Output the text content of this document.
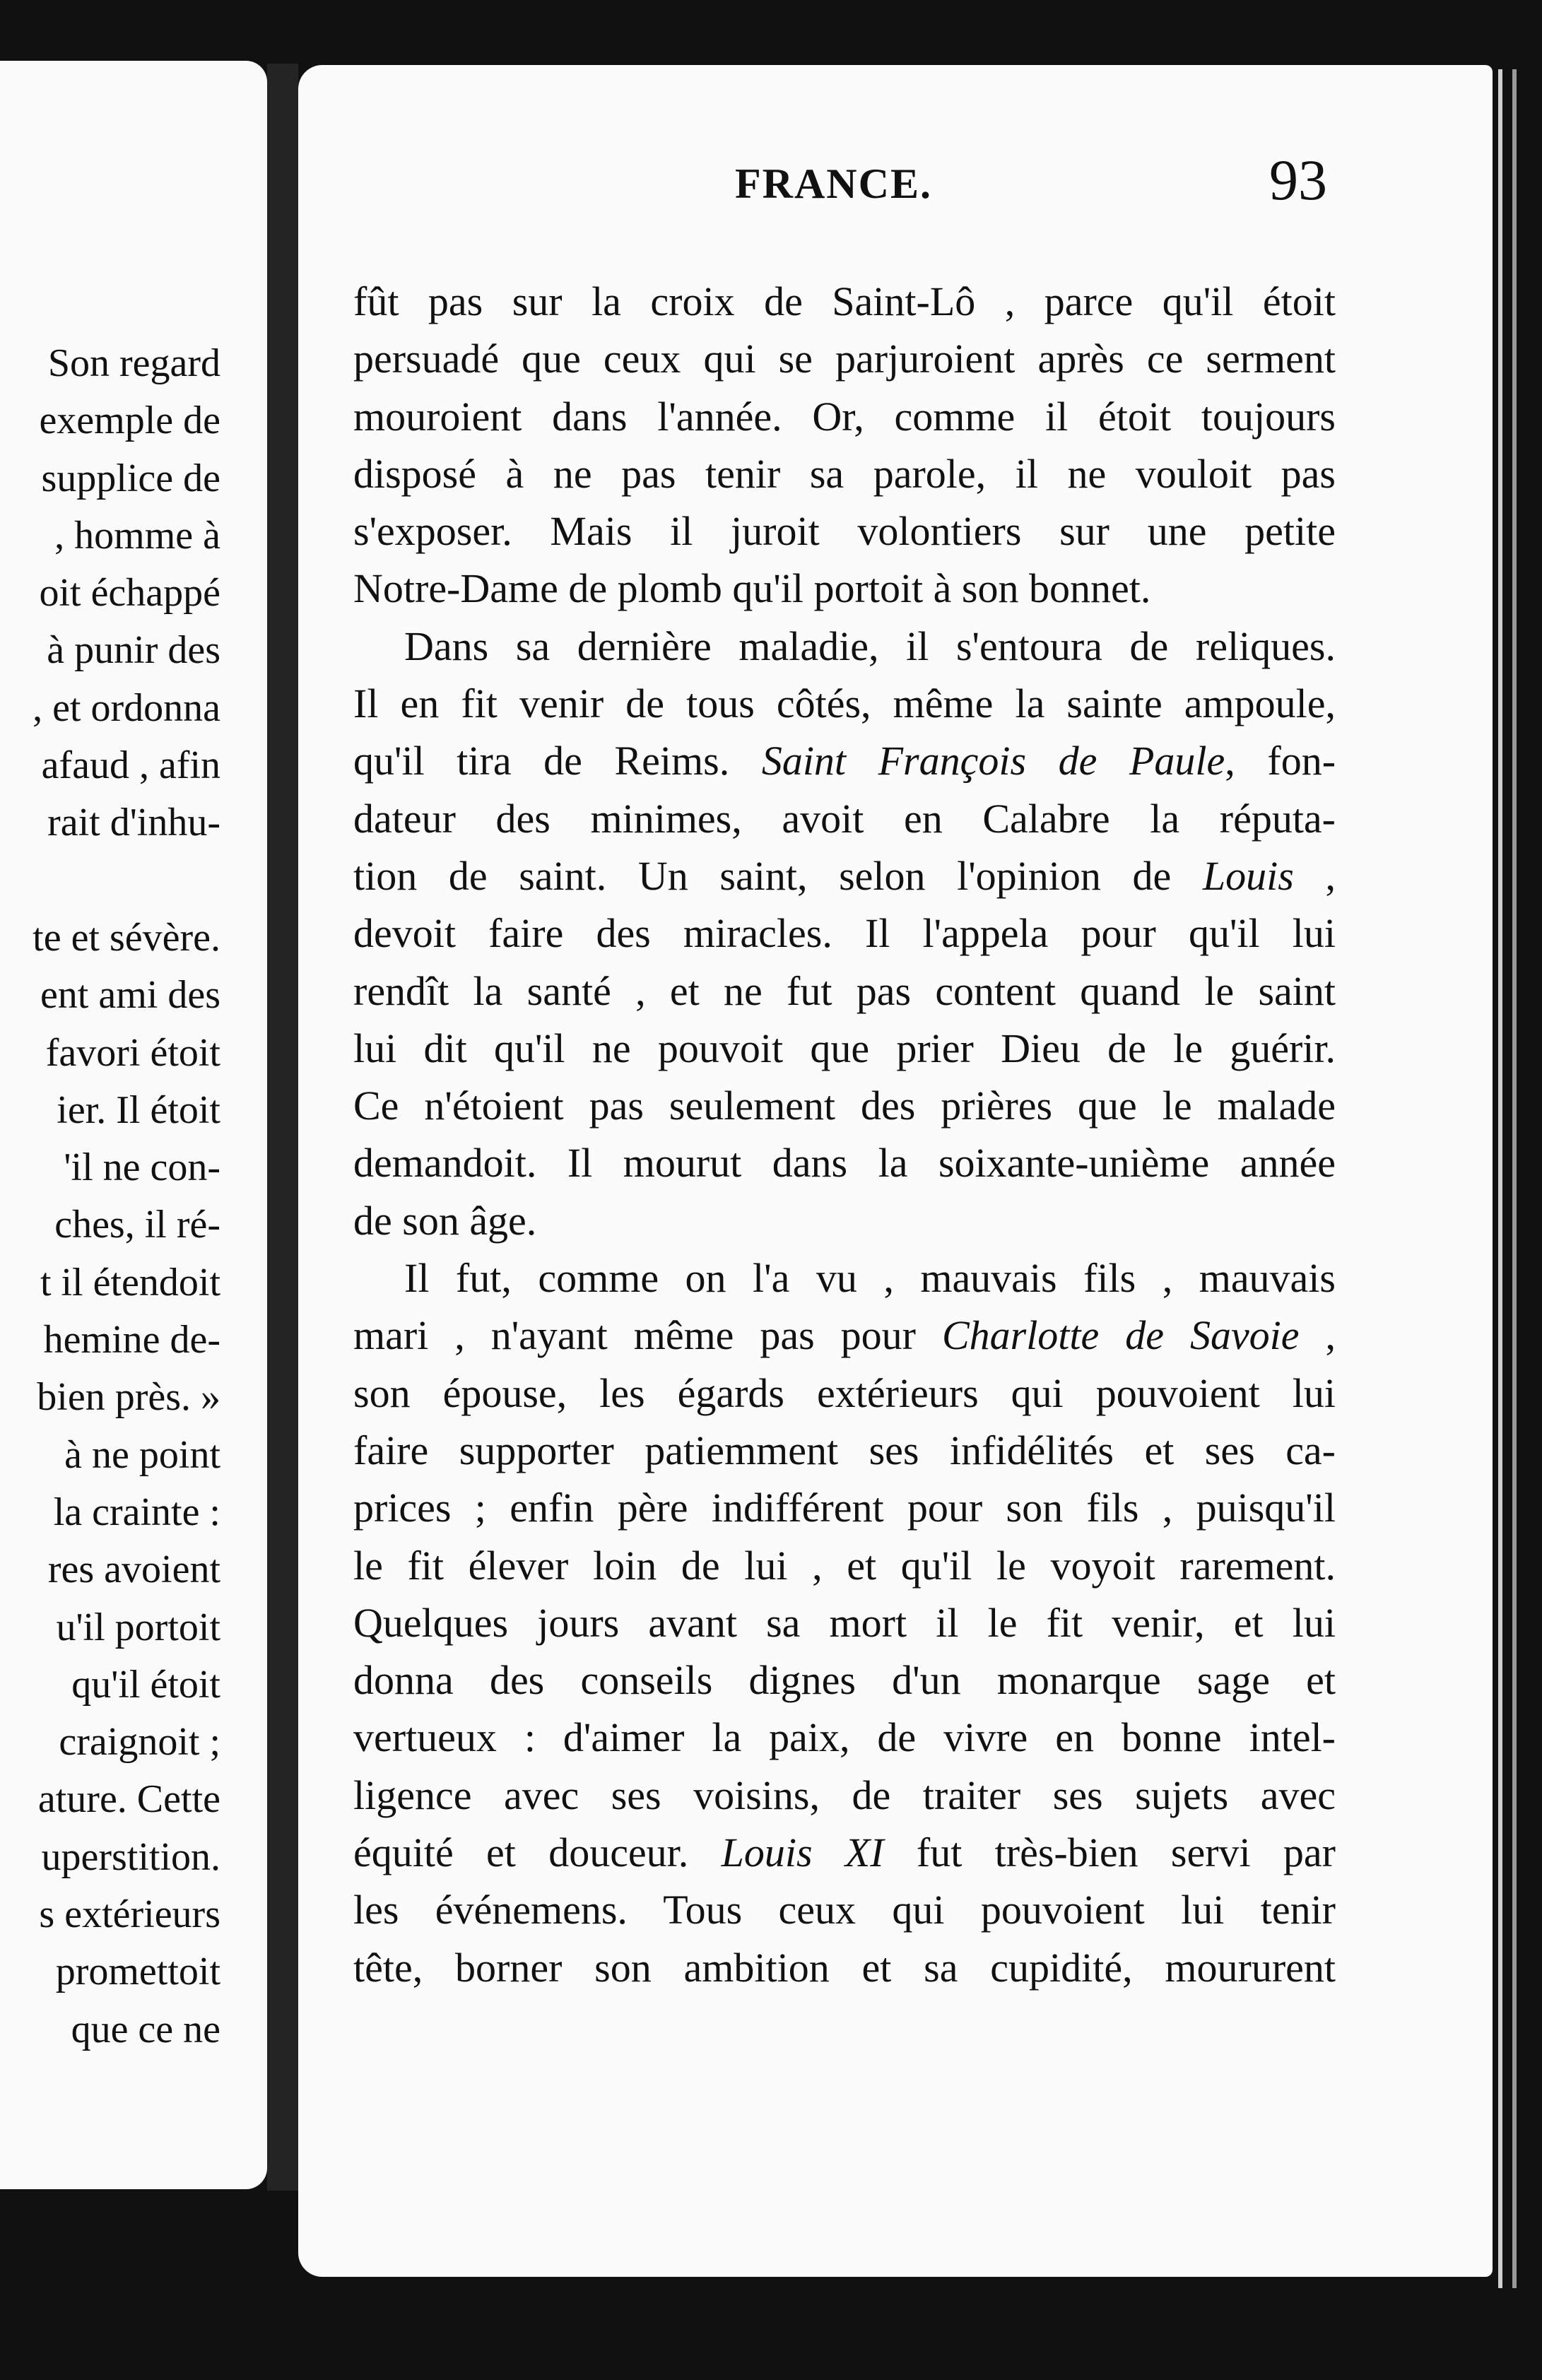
Son regard
exemple de
supplice de
, homme à
oit échappé
à punir des
, et ordonna
afaud , afin
rait d'inhu-

te et sévère.
ent ami des
favori étoit
ier. Il étoit
'il ne con-
ches, il ré-
t il étendoit
hemine de-
bien près. »
à ne point
la crainte :
res avoient
u'il portoit
qu'il étoit
craignoit ;
ature. Cette
uperstition.
s extérieurs
promettoit
que ce ne
FRANCE.	93
fût pas sur la croix de Saint-Lô , parce qu'il étoit
persuadé que ceux qui se parjuroient après ce serment
mouroient dans l'année. Or, comme il étoit toujours
disposé à ne pas tenir sa parole, il ne vouloit pas
s'exposer. Mais il juroit volontiers sur une petite
Notre-Dame de plomb qu'il portoit à son bonnet.
Dans sa dernière maladie, il s'entoura de reliques.
Il en fit venir de tous côtés, même la sainte ampoule,
qu'il tira de Reims. Saint François de Paule, fon-
dateur des minimes, avoit en Calabre la réputa-
tion de saint. Un saint, selon l'opinion de Louis ,
devoit faire des miracles. Il l'appela pour qu'il lui
rendît la santé , et ne fut pas content quand le saint
lui dit qu'il ne pouvoit que prier Dieu de le guérir.
Ce n'étoient pas seulement des prières que le malade
demandoit. Il mourut dans la soixante-unième année
de son âge.
Il fut, comme on l'a vu , mauvais fils , mauvais
mari , n'ayant même pas pour Charlotte de Savoie ,
son épouse, les égards extérieurs qui pouvoient lui
faire supporter patiemment ses infidélités et ses ca-
prices ; enfin père indifférent pour son fils , puisqu'il
le fit élever loin de lui , et qu'il le voyoit rarement.
Quelques jours avant sa mort il le fit venir, et lui
donna des conseils dignes d'un monarque sage et
vertueux : d'aimer la paix, de vivre en bonne intel-
ligence avec ses voisins, de traiter ses sujets avec
équité et douceur. Louis XI fut très-bien servi par
les événemens. Tous ceux qui pouvoient lui tenir
tête, borner son ambition et sa cupidité, moururent
